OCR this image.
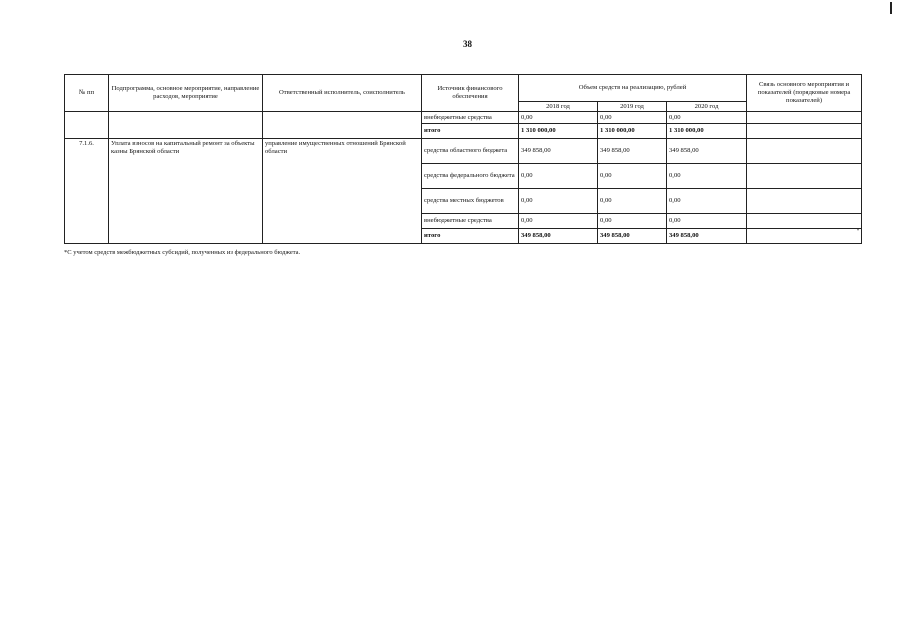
38
№ пп	Подпрограмма, основное мероприятие, направление расходов, мероприятие	Ответственный исполнитель, соисполнитель	Источник финансового обеспечения	Объем средств на реализацию, рублей			Связь основного мероприятия и показателей (порядковые номера показателей)
				2018 год	2019 год	2020 год	
			внебюджетные средства	0,00	0,00	0,00	
			итого	1 310 000,00	1 310 000,00	1 310 000,00	
7.1.6.	Уплата взносов на капитальный ремонт за объекты казны Брянской области	управление имущественных отношений Брянской области	средства областного бюджета	349 858,00	349 858,00	349 858,00	
			средства федерального бюджета	0,00	0,00	0,00	
			средства местных бюджетов	0,00	0,00	0,00	
			внебюджетные средства	0,00	0,00	0,00	
			итого	349 858,00	349 858,00	349 858,00	"
*С учетом средств межбюджетных субсидий, полученных из федерального бюджета.
